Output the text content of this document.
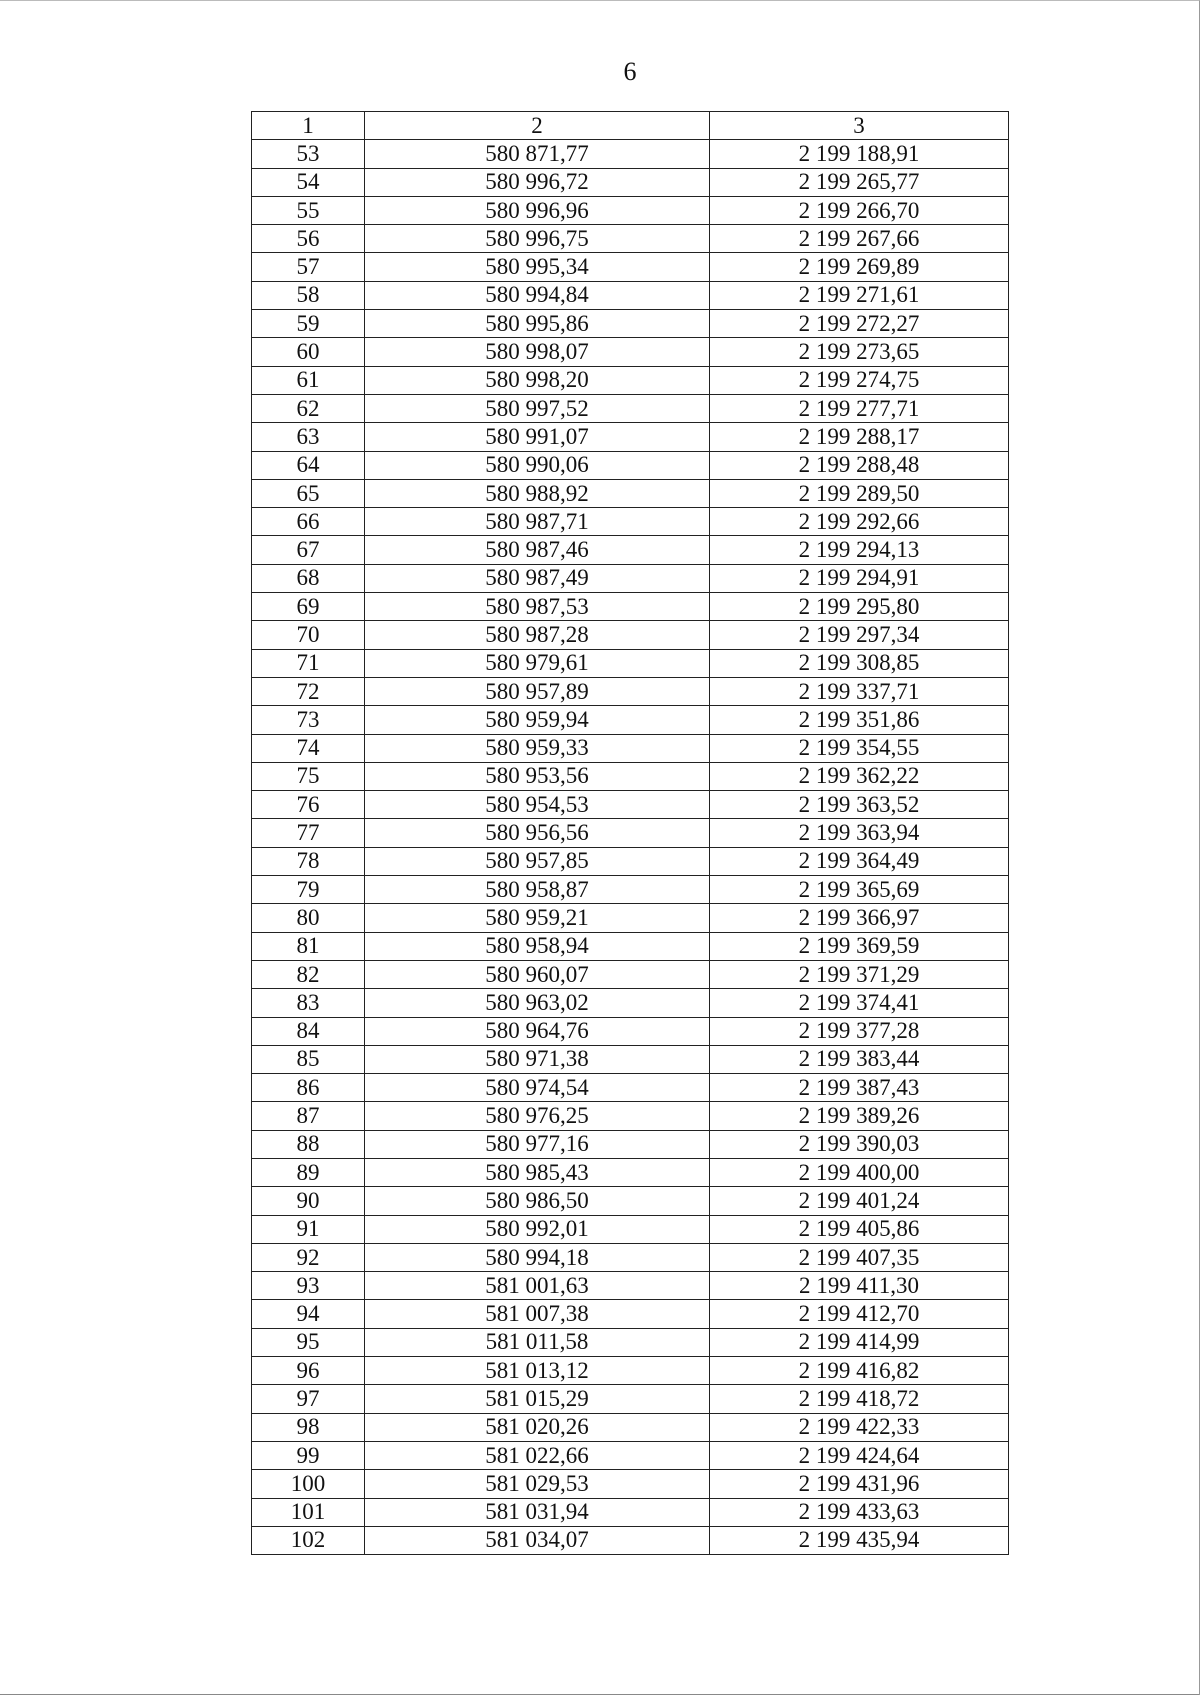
6
1	2	3
53	580 871,77	2 199 188,91
54	580 996,72	2 199 265,77
55	580 996,96	2 199 266,70
56	580 996,75	2 199 267,66
57	580 995,34	2 199 269,89
58	580 994,84	2 199 271,61
59	580 995,86	2 199 272,27
60	580 998,07	2 199 273,65
61	580 998,20	2 199 274,75
62	580 997,52	2 199 277,71
63	580 991,07	2 199 288,17
64	580 990,06	2 199 288,48
65	580 988,92	2 199 289,50
66	580 987,71	2 199 292,66
67	580 987,46	2 199 294,13
68	580 987,49	2 199 294,91
69	580 987,53	2 199 295,80
70	580 987,28	2 199 297,34
71	580 979,61	2 199 308,85
72	580 957,89	2 199 337,71
73	580 959,94	2 199 351,86
74	580 959,33	2 199 354,55
75	580 953,56	2 199 362,22
76	580 954,53	2 199 363,52
77	580 956,56	2 199 363,94
78	580 957,85	2 199 364,49
79	580 958,87	2 199 365,69
80	580 959,21	2 199 366,97
81	580 958,94	2 199 369,59
82	580 960,07	2 199 371,29
83	580 963,02	2 199 374,41
84	580 964,76	2 199 377,28
85	580 971,38	2 199 383,44
86	580 974,54	2 199 387,43
87	580 976,25	2 199 389,26
88	580 977,16	2 199 390,03
89	580 985,43	2 199 400,00
90	580 986,50	2 199 401,24
91	580 992,01	2 199 405,86
92	580 994,18	2 199 407,35
93	581 001,63	2 199 411,30
94	581 007,38	2 199 412,70
95	581 011,58	2 199 414,99
96	581 013,12	2 199 416,82
97	581 015,29	2 199 418,72
98	581 020,26	2 199 422,33
99	581 022,66	2 199 424,64
100	581 029,53	2 199 431,96
101	581 031,94	2 199 433,63
102	581 034,07	2 199 435,94
